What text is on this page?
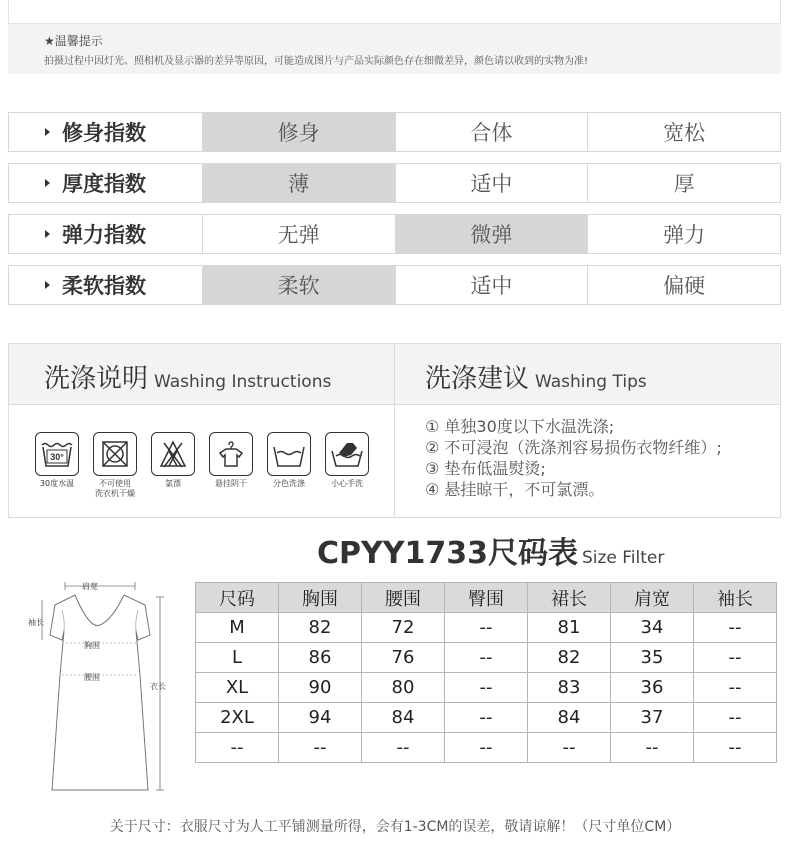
★温馨提示
拍摄过程中因灯光、照相机及显示器的差异等原因，可能造成图片与产品实际颜色存在细微差异，颜色请以收到的实物为准!
修身指数	修身	合体	宽松
厚度指数	薄	适中	厚
弹力指数	无弹	微弹	弹力
柔软指数	柔软	适中	偏硬
洗涤说明 Washing Instructions	洗涤建议 Washing Tips
30°
30度水温	不可使用
洗衣机干燥
氯漂	悬挂阴干	分色洗涤	小心手洗
① 单独30度以下水温洗涤;
② 不可浸泡（洗涤剂容易损伤衣物纤维）;
③ 垫布低温熨烫;
④ 悬挂晾干，不可氯漂。
CPYY1733尺码表 Size Filter
肩宽
袖长
胸围
腰围
衣长
尺码	胸围	腰围	臀围	裙长	肩宽	袖长
M	82	72	--	81	34	--
L	86	76	--	82	35	--
XL	90	80	--	83	36	--
2XL	94	84	--	84	37	--
--	--	--	--	--	--	--
关于尺寸：衣服尺寸为人工平铺测量所得，会有1-3CM的误差，敬请谅解！（尺寸单位CM）
